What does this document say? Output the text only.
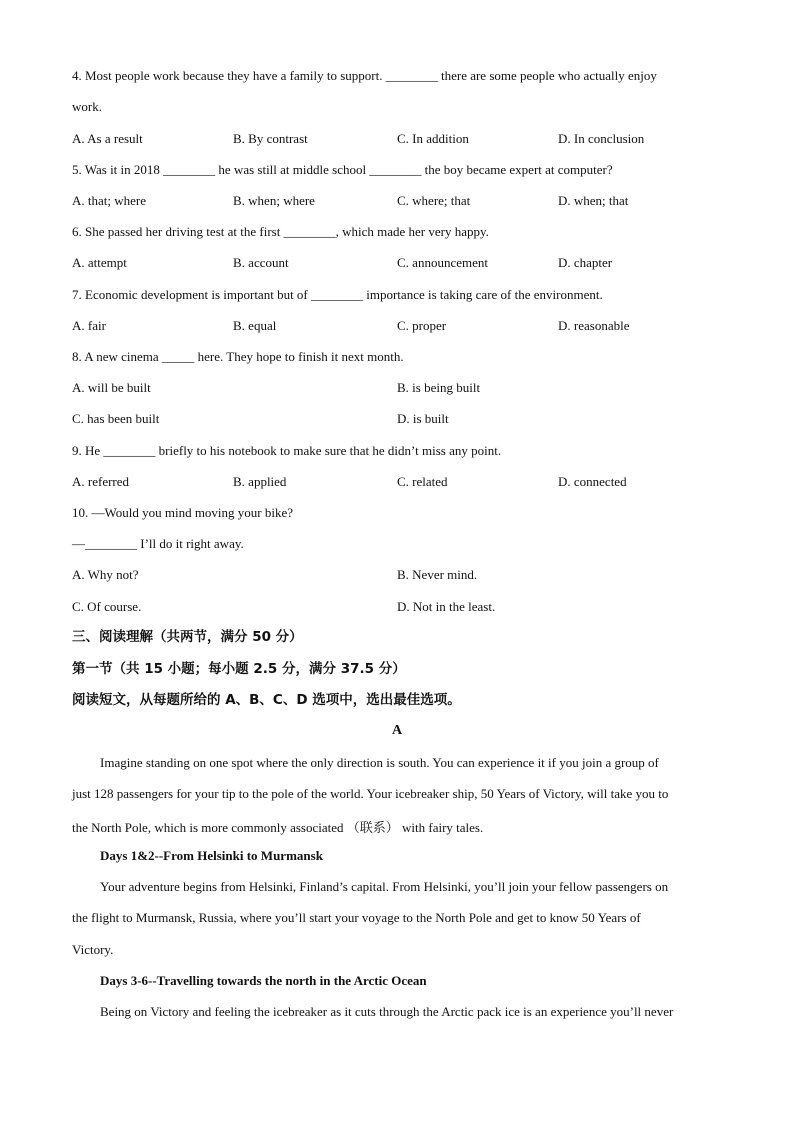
4. Most people work because they have a family to support. ________ there are some people who actually enjoy
work.
A. As a result	B. By contrast	C. In addition	D. In conclusion
5. Was it in 2018 ________ he was still at middle school ________ the boy became expert at computer?
A. that; where	B. when; where	C. where; that	D. when; that
6. She passed her driving test at the first ________, which made her very happy.
A. attempt	B. account	C. announcement	D. chapter
7. Economic development is important but of ________ importance is taking care of the environment.
A. fair	B. equal	C. proper	D. reasonable
8. A new cinema _____ here. They hope to finish it next month.
A. will be built	B. is being built
C. has been built	D. is built
9. He ________ briefly to his notebook to make sure that he didn’t miss any point.
A. referred	B. applied	C. related	D. connected
10. —Would you mind moving your bike?
—________ I’ll do it right away.
A. Why not?	B. Never mind.
C. Of course.	D. Not in the least.
三、阅读理解（共两节，满分 50 分）
第一节（共 15 小题；每小题 2.5 分，满分 37.5 分）
阅读短文，从每题所给的 A、B、C、D 选项中，选出最佳选项。
A
Imagine standing on one spot where the only direction is south. You can experience it if you join a group of
just 128 passengers for your tip to the pole of the world. Your icebreaker ship, 50 Years of Victory, will take you to
the North Pole, which is more commonly associated （联系） with fairy tales.
Days 1&2--From Helsinki to Murmansk
Your adventure begins from Helsinki, Finland’s capital. From Helsinki, you’ll join your fellow passengers on
the flight to Murmansk, Russia, where you’ll start your voyage to the North Pole and get to know 50 Years of
Victory.
Days 3-6--Travelling towards the north in the Arctic Ocean
Being on Victory and feeling the icebreaker as it cuts through the Arctic pack ice is an experience you’ll never
